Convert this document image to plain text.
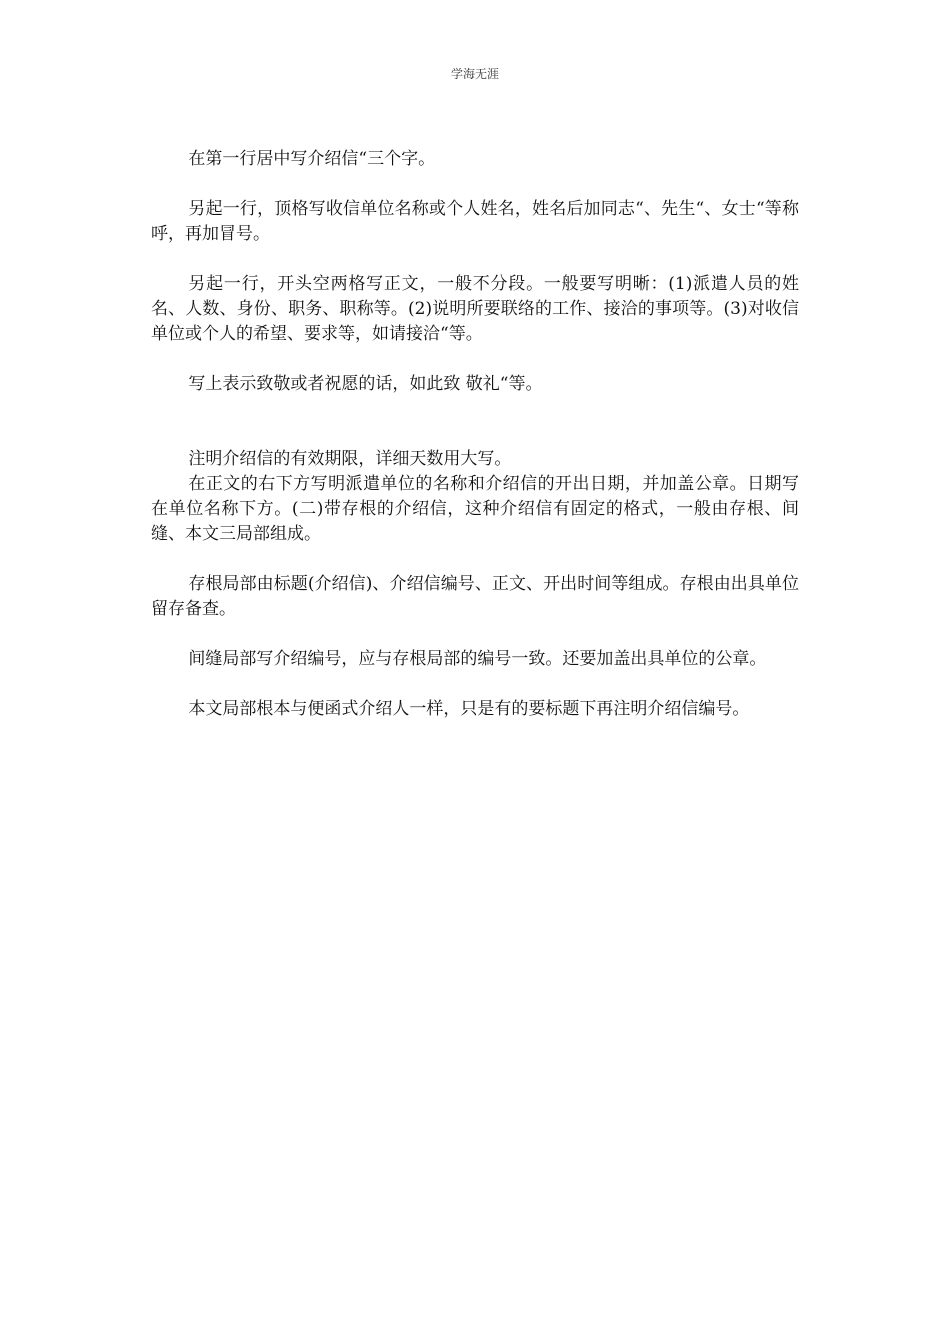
学海无涯

在第一行居中写介绍信“三个字。

另起一行，顶格写收信单位名称或个人姓名，姓名后加同志“、先生“、女士“等称呼，再加冒号。

另起一行，开头空两格写正文，一般不分段。一般要写明晰：(1)派遣人员的姓名、人数、身份、职务、职称等。(2)说明所要联络的工作、接洽的事项等。(3)对收信单位或个人的希望、要求等，如请接洽“等。

写上表示致敬或者祝愿的话，如此致 敬礼“等。

注明介绍信的有效期限，详细天数用大写。

在正文的右下方写明派遣单位的名称和介绍信的开出日期，并加盖公章。日期写在单位名称下方。(二)带存根的介绍信，这种介绍信有固定的格式，一般由存根、间缝、本文三局部组成。

存根局部由标题(介绍信)、介绍信编号、正文、开出时间等组成。存根由出具单位留存备查。

间缝局部写介绍编号，应与存根局部的编号一致。还要加盖出具单位的公章。

本文局部根本与便函式介绍人一样，只是有的要标题下再注明介绍信编号。
